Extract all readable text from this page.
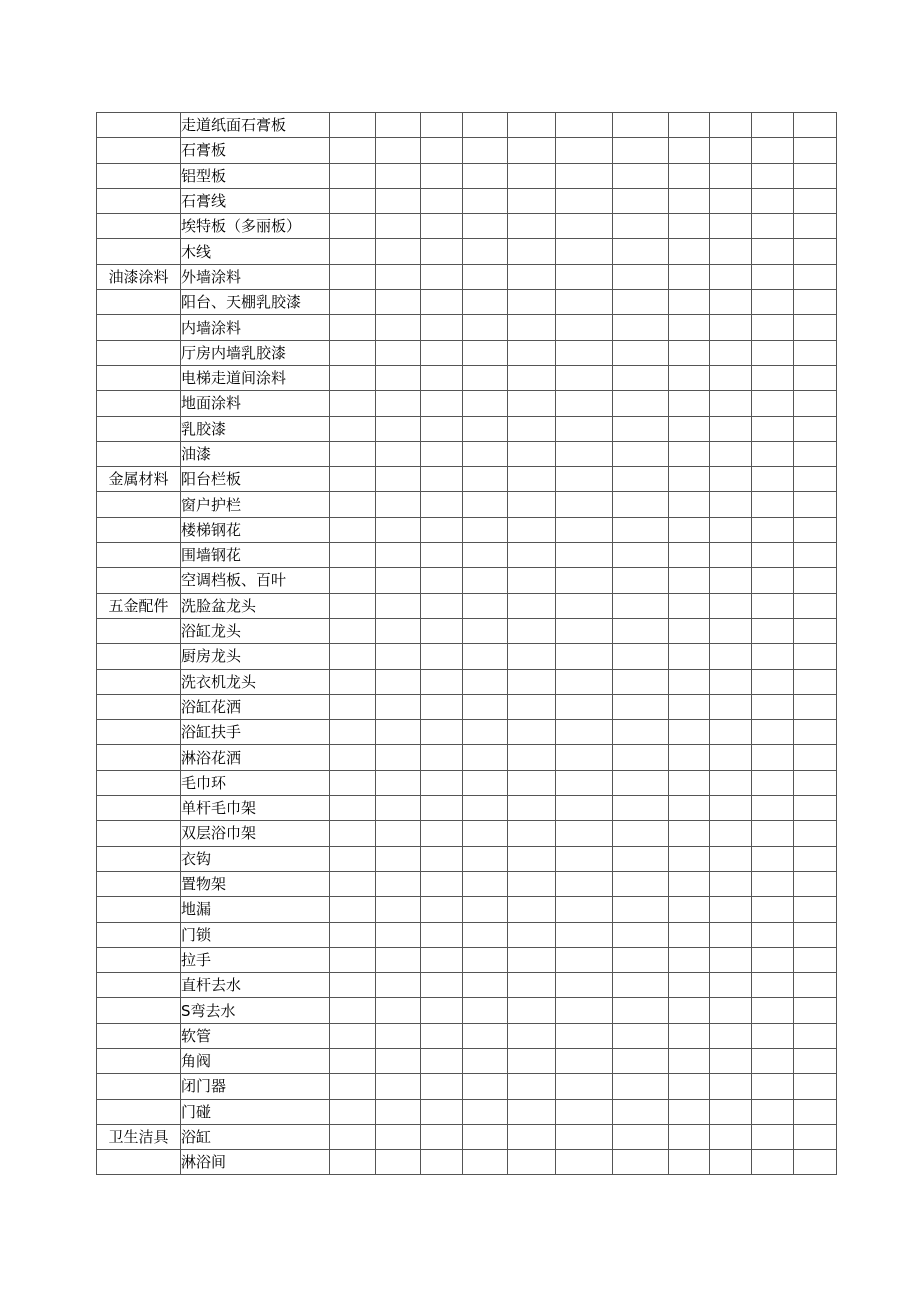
	走道纸面石膏板											
	石膏板											
	铝型板											
	石膏线											
	埃特板（多丽板）											
	木线											
油漆涂料	外墙涂料											
	阳台、天棚乳胶漆											
	内墙涂料											
	厅房内墙乳胶漆											
	电梯走道间涂料											
	地面涂料											
	乳胶漆											
	油漆											
金属材料	阳台栏板											
	窗户护栏											
	楼梯钢花											
	围墙钢花											
	空调档板、百叶											
五金配件	洗脸盆龙头											
	浴缸龙头											
	厨房龙头											
	洗衣机龙头											
	浴缸花洒											
	浴缸扶手											
	淋浴花洒											
	毛巾环											
	单杆毛巾架											
	双层浴巾架											
	衣钩											
	置物架											
	地漏											
	门锁											
	拉手											
	直杆去水											
	S弯去水											
	软管											
	角阀											
	闭门器											
	门碰											
卫生洁具	浴缸											
	淋浴间											
